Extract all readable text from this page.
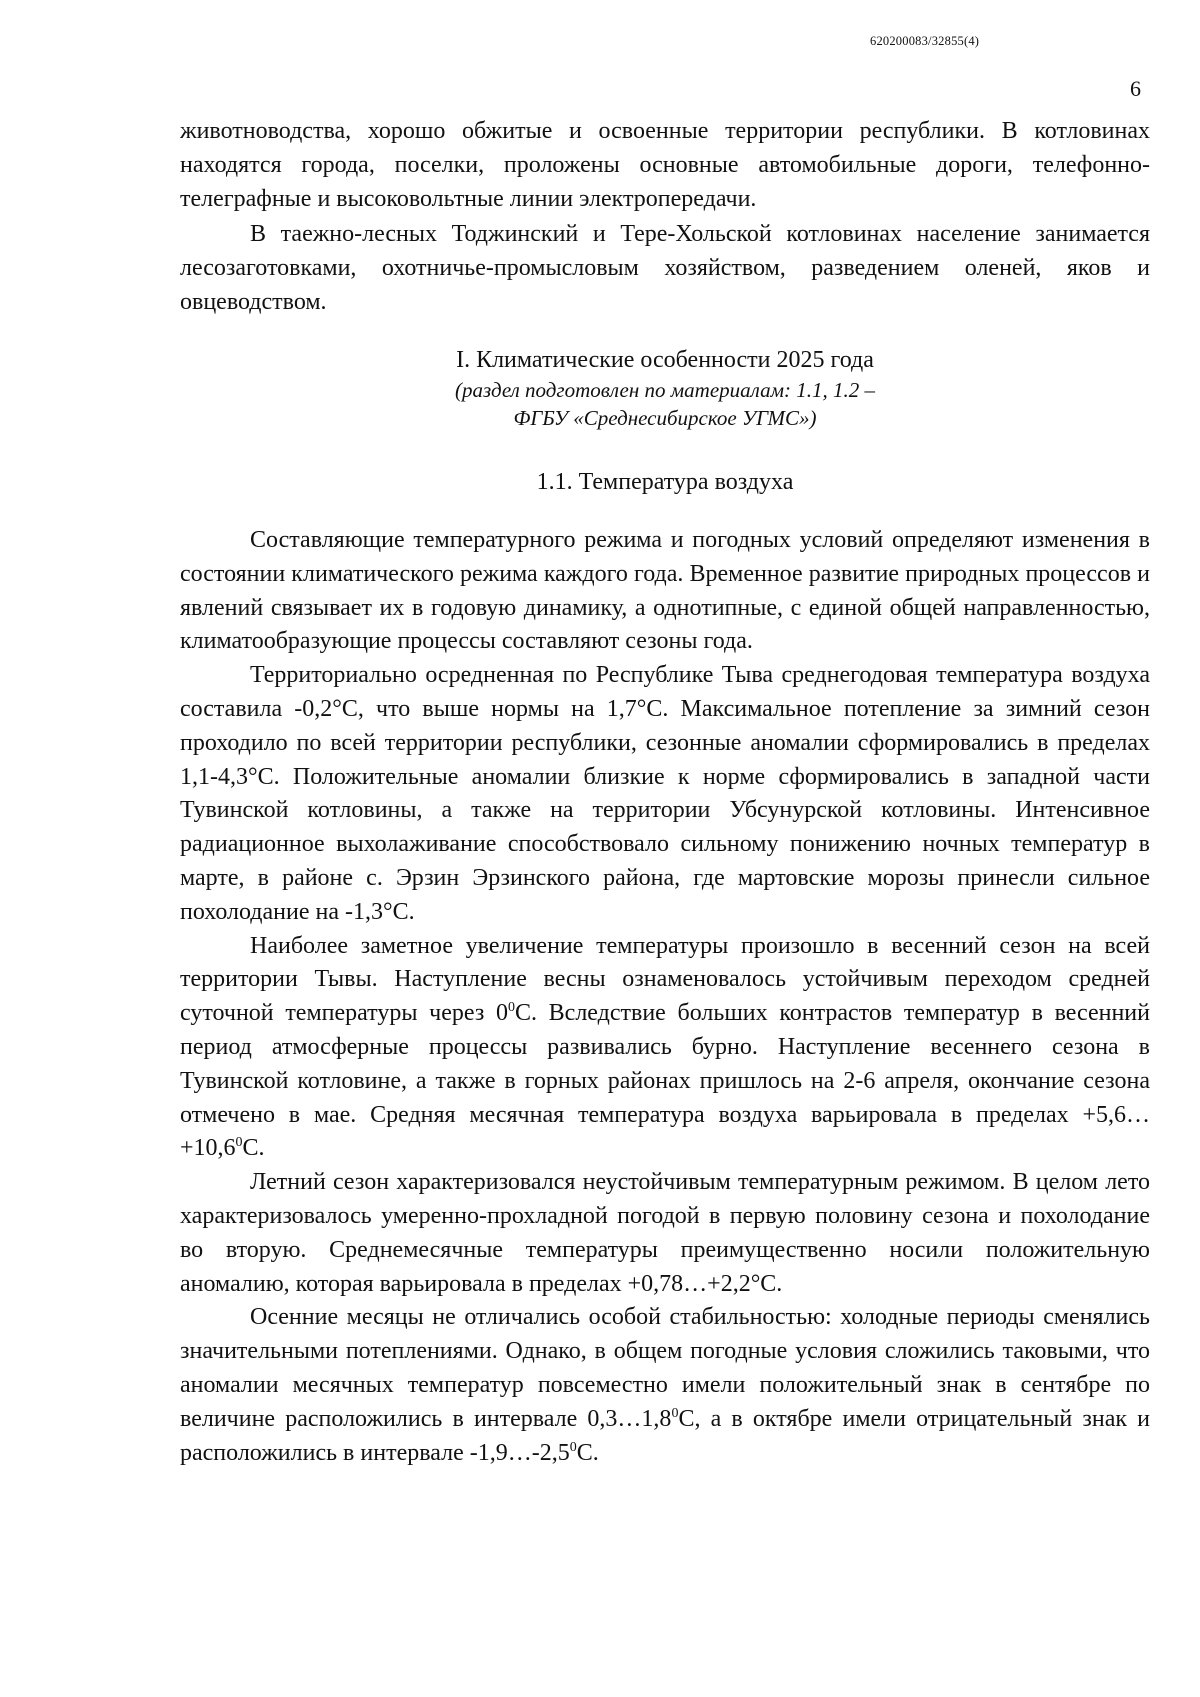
620200083/32855(4)
6

животноводства, хорошо обжитые и освоенные территории республики. В котловинах находятся города, поселки, проложены основные автомобильные дороги, телефонно-телеграфные и высоковольтные линии электропередачи.

В таежно-лесных Тоджинский и Тере-Хольской котловинах население занимается лесозаготовками, охотничье-промысловым хозяйством, разведением оленей, яков и овцеводством.

I. Климатические особенности 2025 года
(раздел подготовлен по материалам: 1.1, 1.2 –
ФГБУ «Среднесибирское УГМС»)
1.1. Температура воздуха

Составляющие температурного режима и погодных условий определяют изменения в состоянии климатического режима каждого года. Временное развитие природных процессов и явлений связывает их в годовую динамику, а однотипные, с единой общей направленностью, климатообразующие процессы составляют сезоны года.

Территориально осредненная по Республике Тыва среднегодовая температура воздуха составила -0,2°C, что выше нормы на 1,7°C. Максимальное потепление за зимний сезон проходило по всей территории республики, сезонные аномалии сформировались в пределах 1,1-4,3°C. Положительные аномалии близкие к норме сформировались в западной части Тувинской котловины, а также на территории Убсунурской котловины. Интенсивное радиационное выхолаживание способствовало сильному понижению ночных температур в марте, в районе с. Эрзин Эрзинского района, где мартовские морозы принесли сильное похолодание на -1,3°C.

Наиболее заметное увеличение температуры произошло в весенний сезон на всей территории Тывы. Наступление весны ознаменовалось устойчивым переходом средней суточной температуры через $0^0C$. Вследствие больших контрастов температур в весенний период атмосферные процессы развивались бурно. Наступление весеннего сезона в Тувинской котловине, а также в горных районах пришлось на 2-6 апреля, окончание сезона отмечено в мае. Средняя месячная температура воздуха варьировала в пределах $+5,6\dots+10,6^0C$.

Летний сезон характеризовался неустойчивым температурным режимом. В целом лето характеризовалось умеренно-прохладной погодой в первую половину сезона и похолодание во вторую. Среднемесячные температуры преимущественно носили положительную аномалию, которая варьировала в пределах +0,78…+2,2°C.

Осенние месяцы не отличались особой стабильностью: холодные периоды сменялись значительными потеплениями. Однако, в общем погодные условия сложились таковыми, что аномалии месячных температур повсеместно имели положительный знак в сентябре по величине расположились в интервале $0,3\dots 1,8^0C$, а в октябре имели отрицательный знак и расположились в интервале $-1,9\dots-2,5^0C$.
